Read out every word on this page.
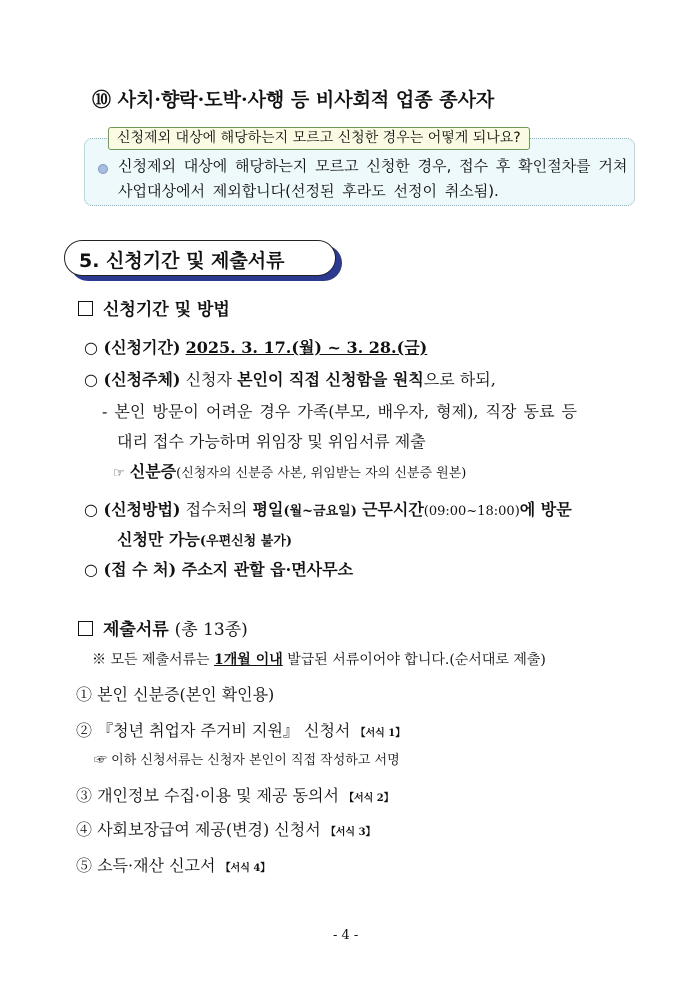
⑩ 사치·향락·도박·사행 등 비사회적 업종 종사자
신청제외 대상에 해당하는지 모르고 신청한 경우는 어떻게 되나요?
신청제외 대상에 해당하는지 모르고 신청한 경우, 접수 후 확인절차를 거쳐
사업대상에서 제외합니다(선정된 후라도 선정이 취소됨).
5. 신청기간 및 제출서류
신청기간 및 방법
○ (신청기간) 2025. 3. 17.(월) ~ 3. 28.(금)
○ (신청주체) 신청자 본인이 직접 신청함을 원칙으로 하되,
- 본인 방문이 어려운 경우 가족(부모, 배우자, 형제), 직장 동료 등
대리 접수 가능하며 위임장 및 위임서류 제출
☞ 신분증(신청자의 신분증 사본, 위임받는 자의 신분증 원본)
○ (신청방법) 접수처의 평일(월~금요일) 근무시간(09:00~18:00)에 방문
신청만 가능(우편신청 불가)
○ (접 수 처) 주소지 관할 읍·면사무소
제출서류 (총 13종)
※ 모든 제출서류는 1개월 이내 발급된 서류이어야 합니다.(순서대로 제출)
① 본인 신분증(본인 확인용)
② 『청년 취업자 주거비 지원』 신청서 【서식 1】
☞ 이하 신청서류는 신청자 본인이 직접 작성하고 서명
③ 개인정보 수집·이용 및 제공 동의서 【서식 2】
④ 사회보장급여 제공(변경) 신청서 【서식 3】
⑤ 소득·재산 신고서 【서식 4】
- 4 -
